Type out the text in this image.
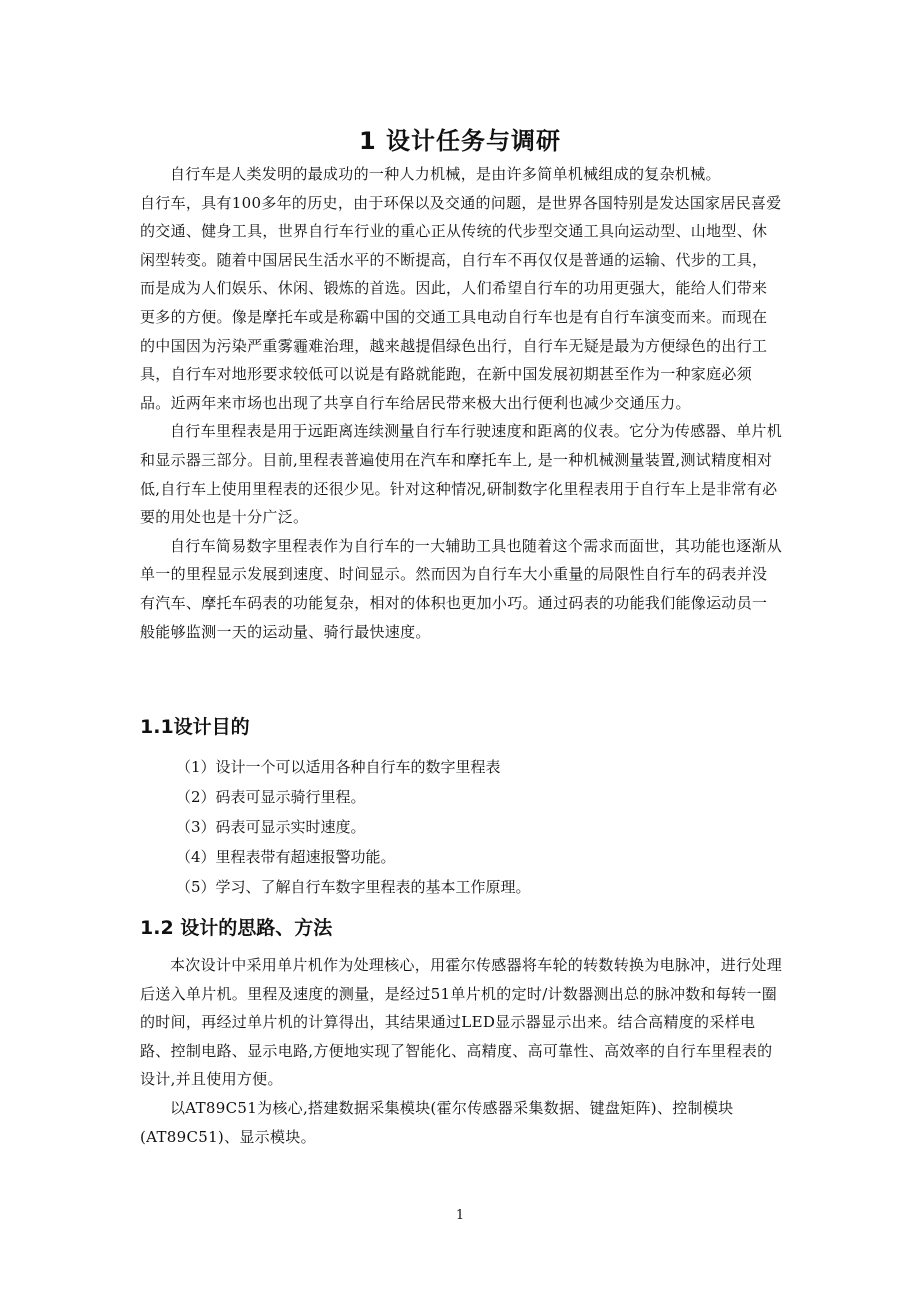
1 设计任务与调研

自行车是人类发明的最成功的一种人力机械，是由许多简单机械组成的复杂机械。

自行车，具有100多年的历史，由于环保以及交通的问题，是世界各国特别是发达国家居民喜爱的交通、健身工具，世界自行车行业的重心正从传统的代步型交通工具向运动型、山地型、休闲型转变。随着中国居民生活水平的不断提高，自行车不再仅仅是普通的运输、代步的工具，而是成为人们娱乐、休闲、锻炼的首选。因此，人们希望自行车的功用更强大，能给人们带来更多的方便。像是摩托车或是称霸中国的交通工具电动自行车也是有自行车演变而来。而现在的中国因为污染严重雾霾难治理，越来越提倡绿色出行，自行车无疑是最为方便绿色的出行工具，自行车对地形要求较低可以说是有路就能跑，在新中国发展初期甚至作为一种家庭必须品。近两年来市场也出现了共享自行车给居民带来极大出行便利也减少交通压力。

自行车里程表是用于远距离连续测量自行车行驶速度和距离的仪表。它分为传感器、单片机和显示器三部分。目前,里程表普遍使用在汽车和摩托车上, 是一种机械测量装置,测试精度相对低,自行车上使用里程表的还很少见。针对这种情况,研制数字化里程表用于自行车上是非常有必要的用处也是十分广泛。

自行车简易数字里程表作为自行车的一大辅助工具也随着这个需求而面世，其功能也逐渐从单一的里程显示发展到速度、时间显示。然而因为自行车大小重量的局限性自行车的码表并没有汽车、摩托车码表的功能复杂，相对的体积也更加小巧。通过码表的功能我们能像运动员一般能够监测一天的运动量、骑行最快速度。

1.1设计目的
（1）设计一个可以适用各种自行车的数字里程表
（2）码表可显示骑行里程。
（3）码表可显示实时速度。
（4）里程表带有超速报警功能。
（5）学习、了解自行车数字里程表的基本工作原理。
1.2 设计的思路、方法

本次设计中采用单片机作为处理核心，用霍尔传感器将车轮的转数转换为电脉冲，进行处理后送入单片机。里程及速度的测量，是经过51单片机的定时/计数器测出总的脉冲数和每转一圈的时间，再经过单片机的计算得出，其结果通过LED显示器显示出来。结合高精度的采样电路、控制电路、显示电路,方便地实现了智能化、高精度、高可靠性、高效率的自行车里程表的设计,并且使用方便。

以AT89C51为核心,搭建数据采集模块(霍尔传感器采集数据、键盘矩阵)、控制模块(AT89C51)、显示模块。

1
